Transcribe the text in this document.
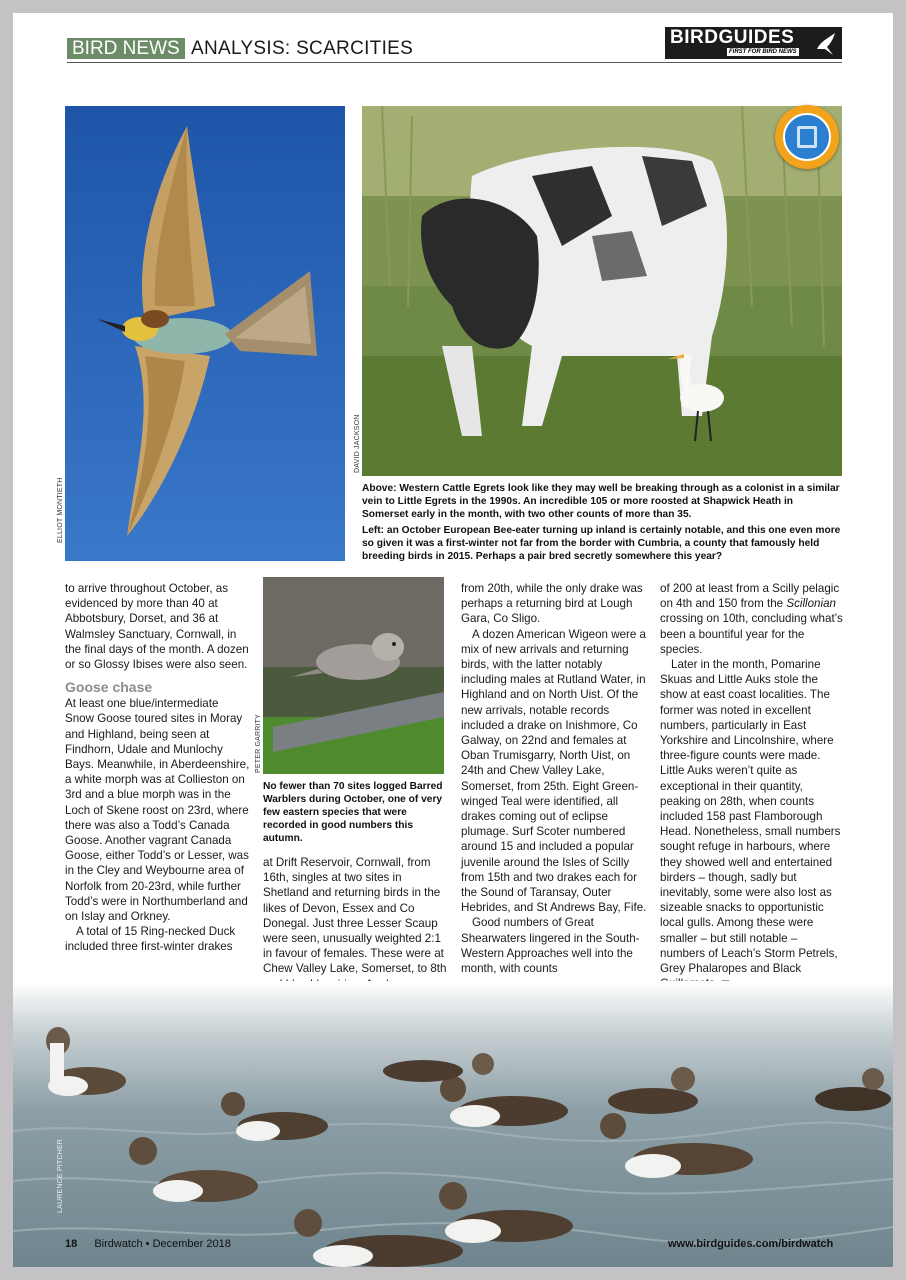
BIRD NEWS ANALYSIS: SCARCITIES
BIRDGUIDES
FIRST FOR BIRD NEWS
ELLIOT MONTIETH
DAVID JACKSON

Above: Western Cattle Egrets look like they may well be breaking through as a colonist in a similar vein to Little Egrets in the 1990s. An incredible 105 or more roosted at Shapwick Heath in Somerset early in the month, with two other counts of more than 35.

Left: an October European Bee-eater turning up inland is certainly notable, and this one even more so given it was a first-winter not far from the border with Cumbria, a county that famously held breeding birds in 2015. Perhaps a pair bred secretly somewhere this year?

to arrive throughout October, as evidenced by more than 40 at Abbotsbury, Dorset, and 36 at Walmsley Sanctuary, Cornwall, in the final days of the month. A dozen or so Glossy Ibises were also seen.

Goose chase

At least one blue/intermediate Snow Goose toured sites in Moray and Highland, being seen at Findhorn, Udale and Munlochy Bays. Meanwhile, in Aberdeenshire, a white morph was at Collieston on 3rd and a blue morph was in the Loch of Skene roost on 23rd, where there was also a Todd’s Canada Goose. Another vagrant Canada Goose, either Todd’s or Lesser, was in the Cley and Weybourne area of Norfolk from 20-23rd, while further Todd’s were in Northumberland and on Islay and Orkney.

A total of 15 Ring-necked Duck included three first-winter drakes

PETER GARRITY
No fewer than 70 sites logged Barred Warblers during October, one of very few eastern species that were recorded in good numbers this autumn.

at Drift Reservoir, Cornwall, from 16th, singles at two sites in Shetland and returning birds in the likes of Devon, Essex and Co Donegal. Just three Lesser Scaup were seen, unusually weighted 2:1 in favour of females. These were at Chew Valley Lake, Somerset, to 8th

from 20th, while the only drake was perhaps a returning bird at Lough Gara, Co Sligo.

A dozen American Wigeon were a mix of new arrivals and returning birds, with the latter notably including males at Rutland Water, in Highland and on North Uist. Of the new arrivals, notable records included a drake on Inishmore, Co Galway, on 22nd and females at Oban Trumisgarry, North Uist, on 24th and Chew Valley Lake, Somerset, from 25th. Eight Green-winged Teal were identified, all drakes coming out of eclipse plumage. Surf Scoter numbered around 15 and included a popular juvenile around the Isles of Scilly from 15th and two drakes each for the Sound of Taransay, Outer Hebrides, and St Andrews Bay, Fife.

Good numbers of Great Shearwaters lingered in the South-Western Approaches well into the month, with counts

of 200 at least from a Scilly pelagic on 4th and 150 from the Scillonian crossing on 10th, concluding what’s been a bountiful year for the species.

Later in the month, Pomarine Skuas and Little Auks stole the show at east coast localities. The former was noted in excellent numbers, particularly in East Yorkshire and Lincolnshire, where three-figure counts were made. Little Auks weren’t quite as exceptional in their quantity, peaking on 28th, when counts included 158 past Flamborough Head. Nonetheless, small numbers sought refuge in harbours, where they showed well and entertained birders – though, sadly but inevitably, some were also lost as sizeable snacks to opportunistic local gulls. Among these were smaller – but still notable – numbers of Leach’s Storm Petrels, Grey Phalaropes and Black

LAURENCE PITCHER
18 Birdwatch • December 2018	www.birdguides.com/birdwatch
